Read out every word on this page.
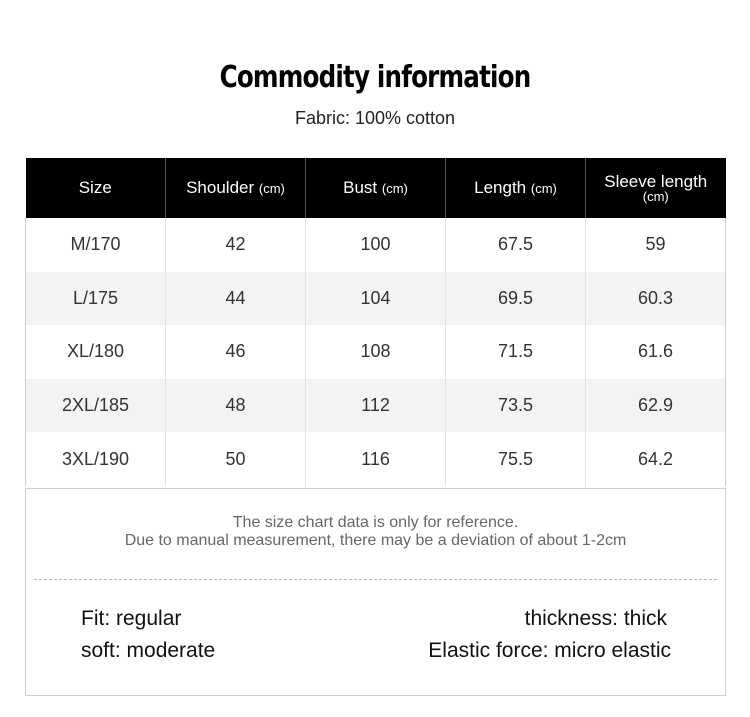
Commodity information
Fabric: 100% cotton
Size	Shoulder (cm)	Bust (cm)	Length (cm)	Sleeve length
(cm)

M/170	42	100	67.5	59
L/175	44	104	69.5	60.3
XL/180	46	108	71.5	61.6
2XL/185	48	112	73.5	62.9
3XL/190	50	116	75.5	64.2
The size chart data is only for reference.
Due to manual measurement, there may be a deviation of about 1-2cm
Fit: regular	thickness: thick
soft: moderate	Elastic force: micro elastic
